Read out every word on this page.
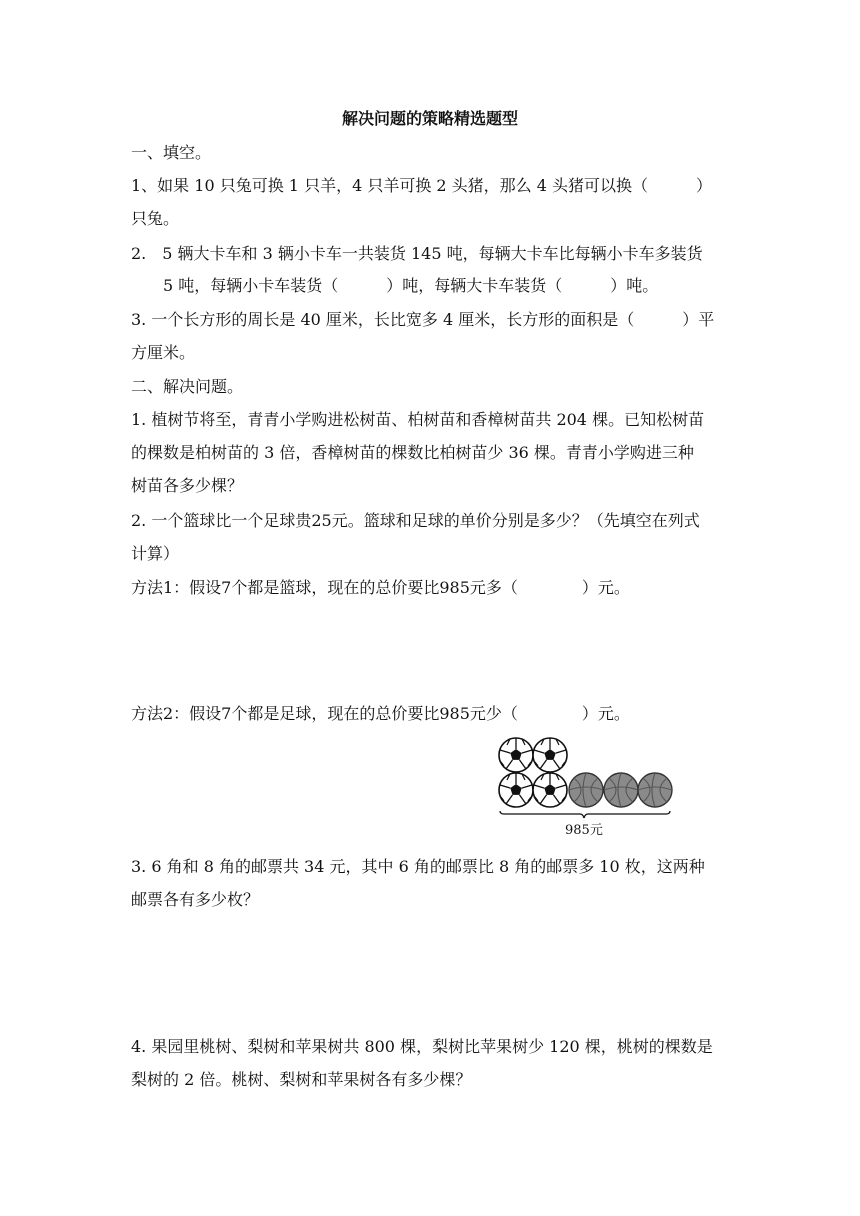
解决问题的策略精选题型
一、填空。
1、如果 10 只兔可换 1 只羊，4 只羊可换 2 头猪，那么 4 头猪可以换（　　　）
只兔。
2.　5 辆大卡车和 3 辆小卡车一共装货 145 吨，每辆大卡车比每辆小卡车多装货
　　5 吨，每辆小卡车装货（　　　）吨，每辆大卡车装货（　　　）吨。
3. 一个长方形的周长是 40 厘米，长比宽多 4 厘米，长方形的面积是（　　　）平
方厘米。
二、解决问题。
1. 植树节将至，青青小学购进松树苗、柏树苗和香樟树苗共 204 棵。已知松树苗
的棵数是柏树苗的 3 倍，香樟树苗的棵数比柏树苗少 36 棵。青青小学购进三种
树苗各多少棵？
2. 一个篮球比一个足球贵25元。篮球和足球的单价分别是多少？（先填空在列式
计算）
方法1：假设7个都是篮球，现在的总价要比985元多（　　　　）元。
方法2：假设7个都是足球，现在的总价要比985元少（　　　　）元。
985元
3. 6 角和 8 角的邮票共 34 元，其中 6 角的邮票比 8 角的邮票多 10 枚，这两种
邮票各有多少枚？
4. 果园里桃树、梨树和苹果树共 800 棵，梨树比苹果树少 120 棵，桃树的棵数是
梨树的 2 倍。桃树、梨树和苹果树各有多少棵？
